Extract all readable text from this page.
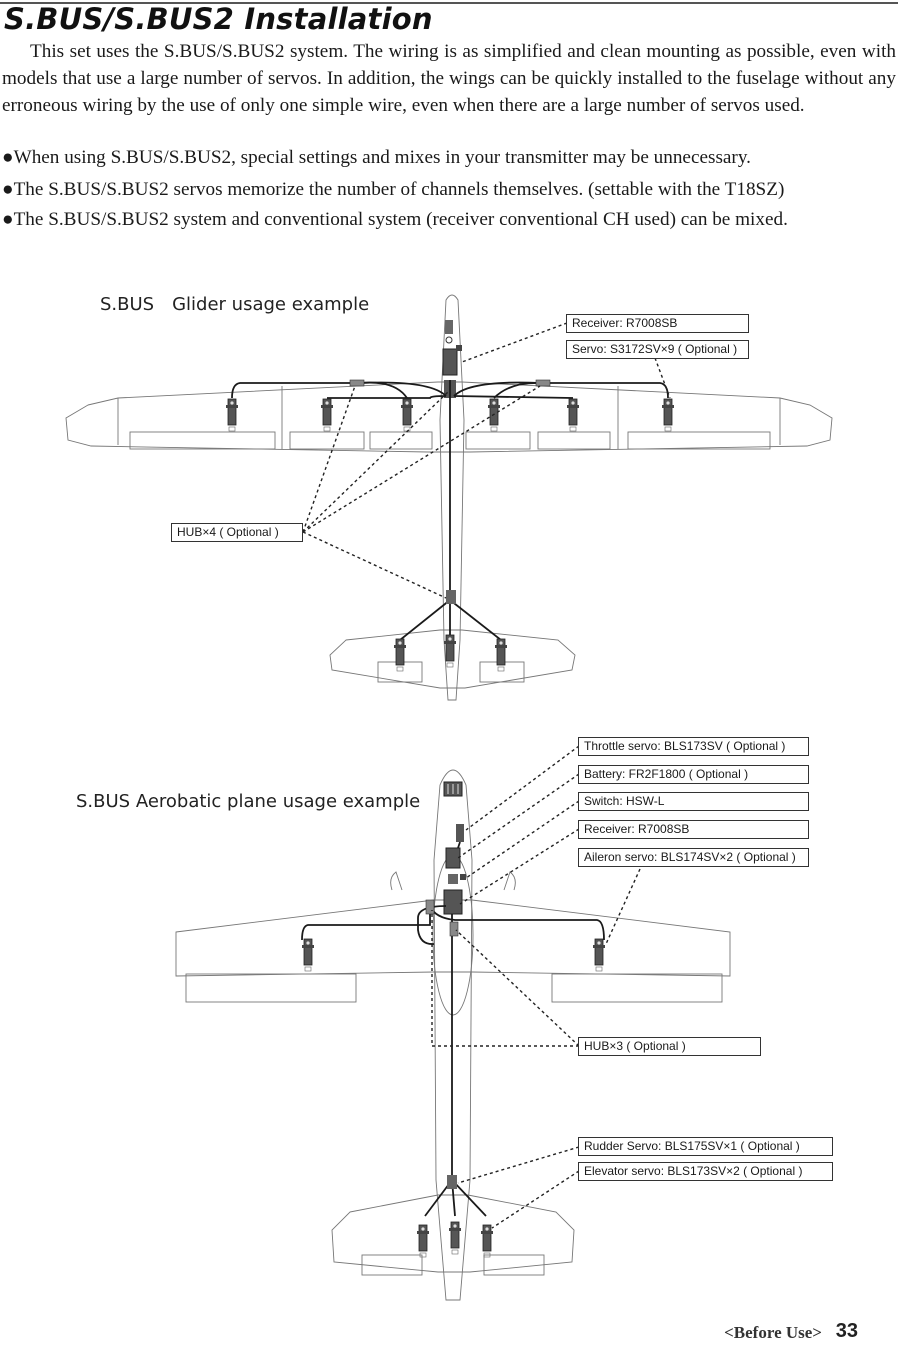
S.BUS/S.BUS2 Installation

This set uses the S.BUS/S.BUS2 system. The wiring is as simplified and clean mounting as possible, even with models that use a large number of servos. In addition, the wings can be quickly installed to the fuselage without any erroneous wiring by the use of only one simple wire, even when there are a large number of servos used.

●When using S.BUS/S.BUS2, special settings and mixes in your transmitter may be unnecessary.

●The S.BUS/S.BUS2 servos memorize the number of channels themselves. (settable with the T18SZ)

●The S.BUS/S.BUS2 system and conventional system (receiver conventional CH used) can be mixed.

S.BUS　Glider usage example

Receiver: R7008SB
Servo: S3172SV×9 ( Optional )
HUB×4 ( Optional )

S.BUS Aerobatic plane usage example

Throttle servo: BLS173SV ( Optional )
Battery: FR2F1800 ( Optional )
Switch: HSW-L
Receiver: R7008SB
Aileron servo: BLS174SV×2 ( Optional )
HUB×3 ( Optional )
Rudder Servo: BLS175SV×1 ( Optional )
Elevator servo: BLS173SV×2 ( Optional )
<Before Use> 33
